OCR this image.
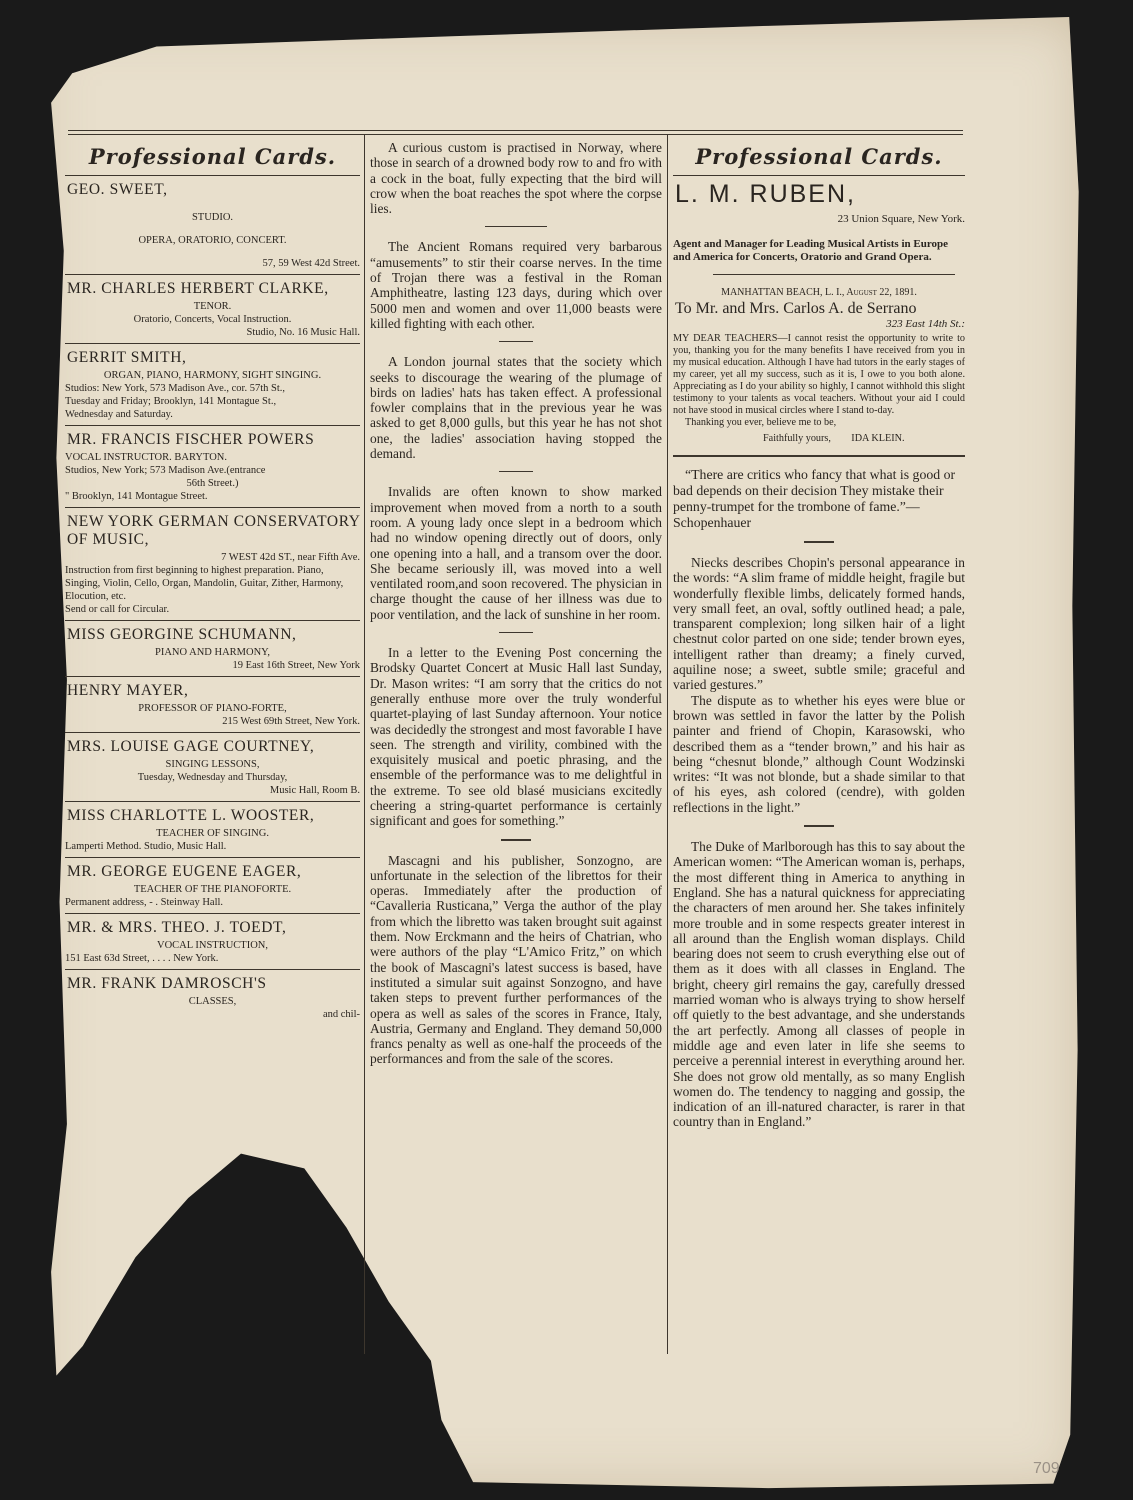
Professional Cards.
GEO. SWEET,
STUDIO.
OPERA, ORATORIO, CONCERT.
57, 59 West 42d Street.
MR. CHARLES HERBERT CLARKE,
TENOR.
Oratorio, Concerts, Vocal Instruction.
Studio, No. 16 Music Hall.
GERRIT SMITH,
ORGAN, PIANO, HARMONY, SIGHT SINGING.
Studios: New York, 573 Madison Ave., cor. 57th St.,
Tuesday and Friday; Brooklyn, 141 Montague St.,
Wednesday and Saturday.
MR. FRANCIS FISCHER POWERS
VOCAL INSTRUCTOR. BARYTON.
Studios, New York; 573 Madison Ave.(entrance
56th Street.)
" Brooklyn, 141 Montague Street.
NEW YORK GERMAN CONSERVATORY OF MUSIC,
7 WEST 42d ST., near Fifth Ave.
Instruction from first beginning to highest preparation. Piano, Singing, Violin, Cello, Organ, Mandolin, Guitar, Zither, Harmony, Elocution, etc.
Send or call for Circular.
MISS GEORGINE SCHUMANN,
PIANO AND HARMONY,
19 East 16th Street, New York
HENRY MAYER,
PROFESSOR OF PIANO-FORTE,
215 West 69th Street, New York.
MRS. LOUISE GAGE COURTNEY,
SINGING LESSONS,
Tuesday, Wednesday and Thursday,
Music Hall, Room B.
MISS CHARLOTTE L. WOOSTER,
TEACHER OF SINGING.
Lamperti Method. Studio, Music Hall.
MR. GEORGE EUGENE EAGER,
TEACHER OF THE PIANOFORTE.
Permanent address, - . Steinway Hall.
MR. & MRS. THEO. J. TOEDT,
VOCAL INSTRUCTION,
151 East 63d Street, . . . . New York.
MR. FRANK DAMROSCH'S
CLASSES,
and chil-

A curious custom is practised in Norway, where those in search of a drowned body row to and fro with a cock in the boat, fully expecting that the bird will crow when the boat reaches the spot where the corpse lies.

The Ancient Romans required very barbarous “amusements” to stir their coarse nerves. In the time of Trojan there was a festival in the Roman Amphitheatre, lasting 123 days, during which over 5000 men and women and over 11,000 beasts were killed fighting with each other.

A London journal states that the society which seeks to discourage the wearing of the plumage of birds on ladies' hats has taken effect. A professional fowler complains that in the previous year he was asked to get 8,000 gulls, but this year he has not shot one, the ladies' association having stopped the demand.

Invalids are often known to show marked improvement when moved from a north to a south room. A young lady once slept in a bedroom which had no window opening directly out of doors, only one opening into a hall, and a transom over the door. She became seriously ill, was moved into a well ventilated room,and soon recovered. The physician in charge thought the cause of her illness was due to poor ventilation, and the lack of sunshine in her room.

In a letter to the Evening Post concerning the Brodsky Quartet Concert at Music Hall last Sunday, Dr. Mason writes: “I am sorry that the critics do not generally enthuse more over the truly wonderful quartet-playing of last Sunday afternoon. Your notice was decidedly the strongest and most favorable I have seen. The strength and virility, combined with the exquisitely musical and poetic phrasing, and the ensemble of the performance was to me delightful in the extreme. To see old blasé musicians excitedly cheering a string-quartet performance is certainly significant and goes for something.”

Mascagni and his publisher, Sonzogno, are unfortunate in the selection of the librettos for their operas. Immediately after the production of “Cavalleria Rusticana,” Verga the author of the play from which the libretto was taken brought suit against them. Now Erckmann and the heirs of Chatrian, who were authors of the play “L'Amico Fritz,” on which the book of Mascagni's latest success is based, have instituted a simular suit against Sonzogno, and have taken steps to prevent further performances of the opera as well as sales of the scores in France, Italy, Austria, Germany and England. They demand 50,000 francs penalty as well as one-half the proceeds of the performances and from the sale of the scores.

Professional Cards.
L. M. RUBEN,
23 Union Square, New York.
Agent and Manager for Leading Musical Artists in Europe and America for Concerts, Oratorio and Grand Opera.
MANHATTAN BEACH, L. I., August 22, 1891.
To Mr. and Mrs. Carlos A. de Serrano
323 East 14th St.:
MY DEAR TEACHERS—I cannot resist the opportunity to write to you, thanking you for the many benefits I have received from you in my musical education. Although I have had tutors in the early stages of my career, yet all my success, such as it is, I owe to you both alone. Appreciating as I do your ability so highly, I cannot withhold this slight testimony to your talents as vocal teachers. Without your aid I could not have stood in musical circles where I stand to-day.
Thanking you ever, believe me to be,
Faithfully yours, IDA KLEIN.

“There are critics who fancy that what is good or bad depends on their decision They mistake their penny-trumpet for the trombone of fame.”—Schopenhauer

Niecks describes Chopin's personal appearance in the words: “A slim frame of middle height, fragile but wonderfully flexible limbs, delicately formed hands, very small feet, an oval, softly outlined head; a pale, transparent complexion; long silken hair of a light chestnut color parted on one side; tender brown eyes, intelligent rather than dreamy; a finely curved, aquiline nose; a sweet, subtle smile; graceful and varied gestures.”

The dispute as to whether his eyes were blue or brown was settled in favor the latter by the Polish painter and friend of Chopin, Karasowski, who described them as a “tender brown,” and his hair as being “chesnut blonde,” although Count Wodzinski writes: “It was not blonde, but a shade similar to that of his eyes, ash colored (cendre), with golden reflections in the light.”

The Duke of Marlborough has this to say about the American women: “The American woman is, perhaps, the most different thing in America to anything in England. She has a natural quickness for appreciating the characters of men around her. She takes infinitely more trouble and in some respects greater interest in all around than the English woman displays. Child bearing does not seem to crush everything else out of them as it does with all classes in England. The bright, cheery girl remains the gay, carefully dressed married woman who is always trying to show herself off quietly to the best advantage, and she understands the art perfectly. Among all classes of people in middle age and even later in life she seems to perceive a perennial interest in everything around her. She does not grow old mentally, as so many English women do. The tendency to nagging and gossip, the indication of an ill-natured character, is rarer in that country than in England.”

709
